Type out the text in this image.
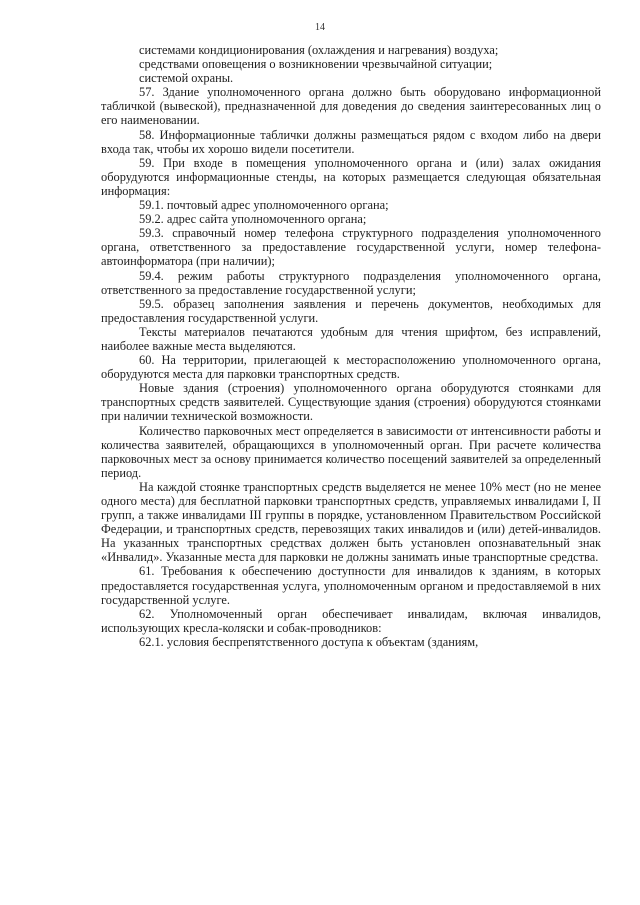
14

системами кондиционирования (охлаждения и нагревания) воздуха;

средствами оповещения о возникновении чрезвычайной ситуации;

системой охраны.

57. Здание уполномоченного органа должно быть оборудовано информационной табличкой (вывеской), предназначенной для доведения до сведения заинтересованных лиц о его наименовании.

58. Информационные таблички должны размещаться рядом с входом либо на двери входа так, чтобы их хорошо видели посетители.

59. При входе в помещения уполномоченного органа и (или) залах ожидания оборудуются информационные стенды, на которых размещается следующая обязательная информация:

59.1. почтовый адрес уполномоченного органа;

59.2. адрес сайта уполномоченного органа;

59.3. справочный номер телефона структурного подразделения уполномоченного органа, ответственного за предоставление государственной услуги, номер телефона-автоинформатора (при наличии);

59.4. режим работы структурного подразделения уполномоченного органа, ответственного за предоставление государственной услуги;

59.5. образец заполнения заявления и перечень документов, необходимых для предоставления государственной услуги.

Тексты материалов печатаются удобным для чтения шрифтом, без исправлений, наиболее важные места выделяются.

60. На территории, прилегающей к месторасположению уполномоченного органа, оборудуются места для парковки транспортных средств.

Новые здания (строения) уполномоченного органа оборудуются стоянками для транспортных средств заявителей. Существующие здания (строения) оборудуются стоянками при наличии технической возможности.

Количество парковочных мест определяется в зависимости от интенсивности работы и количества заявителей, обращающихся в уполномоченный орган. При расчете количества парковочных мест за основу принимается количество посещений заявителей за определенный период.

На каждой стоянке транспортных средств выделяется не менее 10% мест (но не менее одного места) для бесплатной парковки транспортных средств, управляемых инвалидами I, II групп, а также инвалидами III группы в порядке, установленном Правительством Российской Федерации, и транспортных средств, перевозящих таких инвалидов и (или) детей-инвалидов. На указанных транспортных средствах должен быть установлен опознавательный знак «Инвалид». Указанные места для парковки не должны занимать иные транспортные средства.

61. Требования к обеспечению доступности для инвалидов к зданиям, в которых предоставляется государственная услуга, уполномоченным органом и предоставляемой в них государственной услуге.

62. Уполномоченный орган обеспечивает инвалидам, включая инвалидов, использующих кресла-коляски и собак-проводников:

62.1. условия беспрепятственного доступа к объектам (зданиям,
